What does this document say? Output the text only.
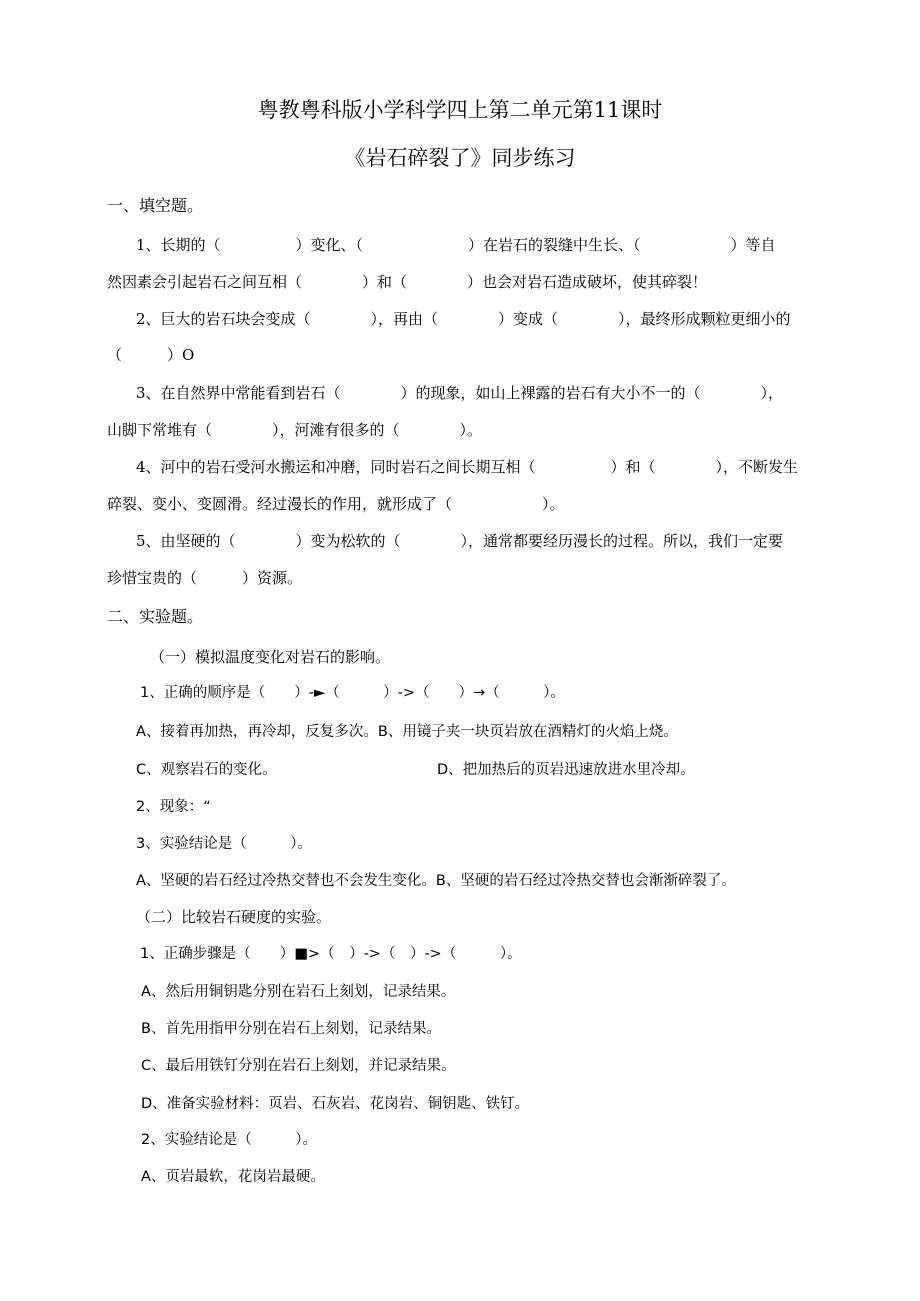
粤教粤科版小学科学四上第二单元第11课时
《岩石碎裂了》同步练习
一、填空题。
1、长期的（　　　　　）变化、（　　　　　　　）在岩石的裂缝中生长、（　　　　　　）等自
然因素会引起岩石之间互相（　　　　）和（　　　　）也会对岩石造成破坏，使其碎裂！
2、巨大的岩石块会变成（　　　　），再由（　　　　）变成（　　　　），最终形成颗粒更细小的
（　　　）O
3、在自然界中常能看到岩石（　　　　）的现象，如山上裸露的岩石有大小不一的（　　　　），
山脚下常堆有（　　　　），河滩有很多的（　　　　）。
4、河中的岩石受河水搬运和冲磨，同时岩石之间长期互相（　　　　　）和（　　　　），不断发生
碎裂、变小、变圆滑。经过漫长的作用，就形成了（　　　　　　）。
5、由坚硬的（　　　　）变为松软的（　　　　），通常都要经历漫长的过程。所以，我们一定要
珍惜宝贵的（　　　）资源。
二、实验题。
（一）模拟温度变化对岩石的影响。
1、正确的顺序是（　　）-►（　　　）->（　　）→（　　　）。
A、接着再加热，再冷却，反复多次。B、用镜子夹一块页岩放在酒精灯的火焰上烧。
C、观察岩石的变化。	D、把加热后的页岩迅速放进水里冷却。
2、现象：“
3、实验结论是（　　　）。
A、坚硬的岩石经过冷热交替也不会发生变化。B、坚硬的岩石经过冷热交替也会渐渐碎裂了。
（二）比较岩石硬度的实验。
1、正确步骤是（　　）■>（　）->（　）->（　　　）。
A、然后用铜钥匙分别在岩石上刻划，记录结果。
B、首先用指甲分别在岩石上刻划，记录结果。
C、最后用铁钉分别在岩石上刻划，并记录结果。
D、准备实验材料：页岩、石灰岩、花岗岩、铜钥匙、铁钉。
2、实验结论是（　　　）。
A、页岩最软，花岗岩最硬。
